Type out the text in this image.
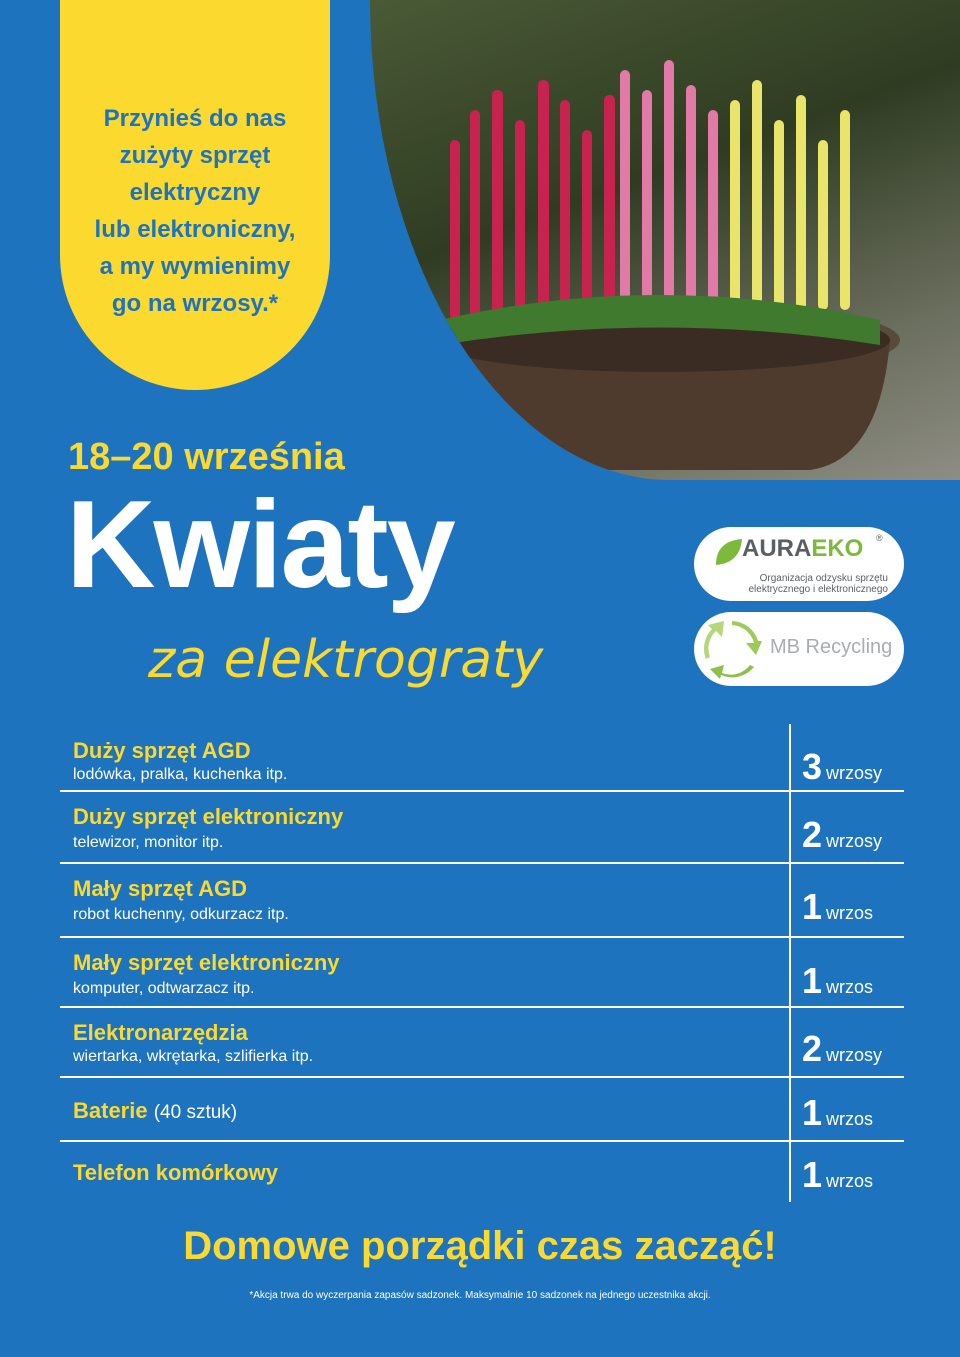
Przynieś do nas
zużyty sprzęt
elektryczny
lub elektroniczny,
a my wymienimy
go na wrzosy.*
18–20 września
Kwiaty
za elektrograty
AURAEKO ®
Organizacja odzysku sprzętu
elektrycznego i elektronicznego
MB Recycling
Duży sprzęt AGD
lodówka, pralka, kuchenka itp.	3 wrzosy
Duży sprzęt elektroniczny
telewizor, monitor itp.	2 wrzosy
Mały sprzęt AGD
robot kuchenny, odkurzacz itp.	1 wrzos
Mały sprzęt elektroniczny
komputer, odtwarzacz itp.	1 wrzos
Elektronarzędzia
wiertarka, wkrętarka, szlifierka itp.	2 wrzosy
Baterie (40 sztuk)	1 wrzos
Telefon komórkowy	1 wrzos
Domowe porządki czas zacząć!
*Akcja trwa do wyczerpania zapasów sadzonek. Maksymalnie 10 sadzonek na jednego uczestnika akcji.
